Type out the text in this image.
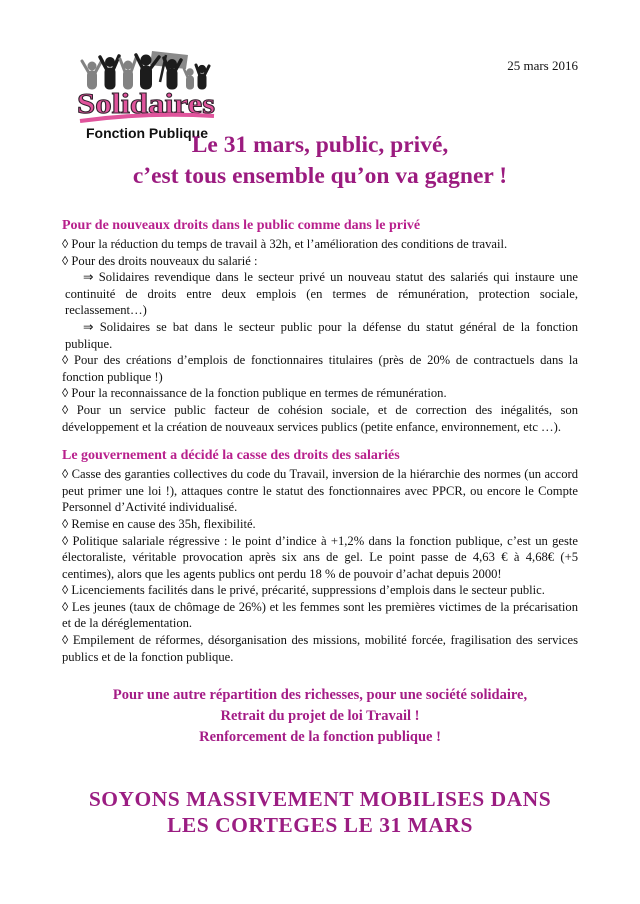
Solidaires
Fonction Publique
25 mars 2016
Le 31 mars, public, privé,
c’est tous ensemble qu’on va gagner !
Pour de nouveaux droits dans le public comme dans le privé

◊ Pour la réduction du temps de travail à 32h, et l’amélioration des conditions de travail.

◊ Pour des droits nouveaux du salarié :

⇒ Solidaires revendique dans le secteur privé un nouveau statut des salariés qui instaure une continuité de droits entre deux emplois (en termes de rémunération, protection sociale, reclassement…)

⇒ Solidaires se bat dans le secteur public pour la défense du statut général de la fonction publique.

◊ Pour des créations d’emplois de fonctionnaires titulaires (près de 20% de contractuels dans la fonction publique !)

◊ Pour la reconnaissance de la fonction publique en termes de rémunération.

◊ Pour un service public facteur de cohésion sociale, et de correction des inégalités, son développement et la création de nouveaux services publics (petite enfance, environnement, etc …).

Le gouvernement a décidé la casse des droits des salariés

◊ Casse des garanties collectives du code du Travail, inversion de la hiérarchie des normes (un accord peut primer une loi !), attaques contre le statut des fonctionnaires avec PPCR, ou encore le Compte Personnel d’Activité individualisé.

◊ Remise en cause des 35h, flexibilité.

◊ Politique salariale régressive : le point d’indice à +1,2% dans la fonction publique, c’est un geste électoraliste, véritable provocation après six ans de gel. Le point passe de 4,63 € à 4,68€ (+5 centimes), alors que les agents publics ont perdu 18 % de pouvoir d’achat depuis 2000!

◊ Licenciements facilités dans le privé, précarité, suppressions d’emplois dans le secteur public.

◊ Les jeunes (taux de chômage de 26%) et les femmes sont les premières victimes de la précarisation et de la déréglementation.

◊ Empilement de réformes, désorganisation des missions, mobilité forcée, fragilisation des services publics et de la fonction publique.

Pour une autre répartition des richesses, pour une société solidaire,
Retrait du projet de loi Travail !
Renforcement de la fonction publique !
SOYONS MASSIVEMENT MOBILISES DANS
LES CORTEGES LE 31 MARS
